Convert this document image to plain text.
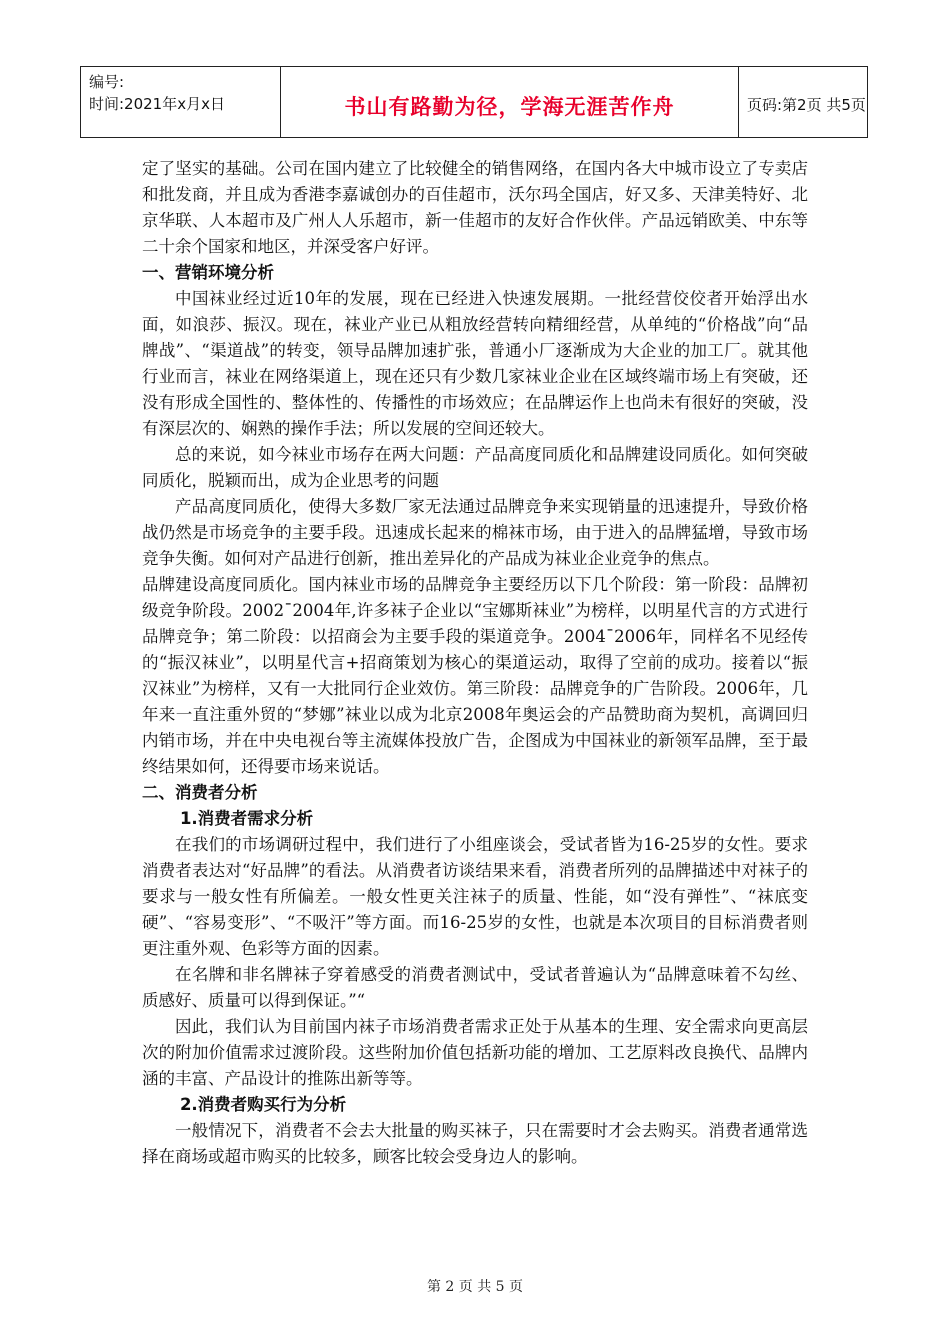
编号:
时间:2021年x月x日	书山有路勤为径，学海无涯苦作舟	页码:第2页 共5页

定了坚实的基础。公司在国内建立了比较健全的销售网络，在国内各大中城市设立了专卖店和批发商，并且成为香港李嘉诚创办的百佳超市，沃尔玛全国店，好又多、天津美特好、北京华联、人本超市及广州人人乐超市，新一佳超市的友好合作伙伴。产品远销欧美、中东等二十余个国家和地区，并深受客户好评。

一、营销环境分析

中国袜业经过近10年的发展，现在已经进入快速发展期。一批经营佼佼者开始浮出水面，如浪莎、振汉。现在，袜业产业已从粗放经营转向精细经营，从单纯的“价格战”向“品牌战”、“渠道战”的转变，领导品牌加速扩张，普通小厂逐渐成为大企业的加工厂。就其他行业而言，袜业在网络渠道上，现在还只有少数几家袜业企业在区域终端市场上有突破，还没有形成全国性的、整体性的、传播性的市场效应；在品牌运作上也尚未有很好的突破，没有深层次的、娴熟的操作手法；所以发展的空间还较大。

总的来说，如今袜业市场存在两大问题：产品高度同质化和品牌建设同质化。如何突破同质化，脱颖而出，成为企业思考的问题

产品高度同质化，使得大多数厂家无法通过品牌竞争来实现销量的迅速提升，导致价格战仍然是市场竞争的主要手段。迅速成长起来的棉袜市场，由于进入的品牌猛增，导致市场竞争失衡。如何对产品进行创新，推出差异化的产品成为袜业企业竞争的焦点。

品牌建设高度同质化。国内袜业市场的品牌竞争主要经历以下几个阶段：第一阶段：品牌初级竞争阶段。2002¯2004年,许多袜子企业以“宝娜斯袜业”为榜样，以明星代言的方式进行品牌竞争；第二阶段：以招商会为主要手段的渠道竞争。2004¯2006年，同样名不见经传的“振汉袜业”，以明星代言+招商策划为核心的渠道运动，取得了空前的成功。接着以“振汉袜业”为榜样，又有一大批同行企业效仿。第三阶段：品牌竞争的广告阶段。2006年，几年来一直注重外贸的“梦娜”袜业以成为北京2008年奥运会的产品赞助商为契机，高调回归内销市场，并在中央电视台等主流媒体投放广告，企图成为中国袜业的新领军品牌，至于最终结果如何，还得要市场来说话。

二、消费者分析

1.消费者需求分析

在我们的市场调研过程中，我们进行了小组座谈会，受试者皆为16-25岁的女性。要求消费者表达对“好品牌”的看法。从消费者访谈结果来看，消费者所列的品牌描述中对袜子的要求与一般女性有所偏差。一般女性更关注袜子的质量、性能，如“没有弹性”、“袜底变硬”、“容易变形”、“不吸汗”等方面。而16-25岁的女性，也就是本次项目的目标消费者则更注重外观、色彩等方面的因素。

在名牌和非名牌袜子穿着感受的消费者测试中，受试者普遍认为“品牌意味着不勾丝、质感好、质量可以得到保证。”“

因此，我们认为目前国内袜子市场消费者需求正处于从基本的生理、安全需求向更高层次的附加价值需求过渡阶段。这些附加价值包括新功能的增加、工艺原料改良换代、品牌内涵的丰富、产品设计的推陈出新等等。

2.消费者购买行为分析

一般情况下，消费者不会去大批量的购买袜子，只在需要时才会去购买。消费者通常选择在商场或超市购买的比较多，顾客比较会受身边人的影响。

第 2 页 共 5 页
